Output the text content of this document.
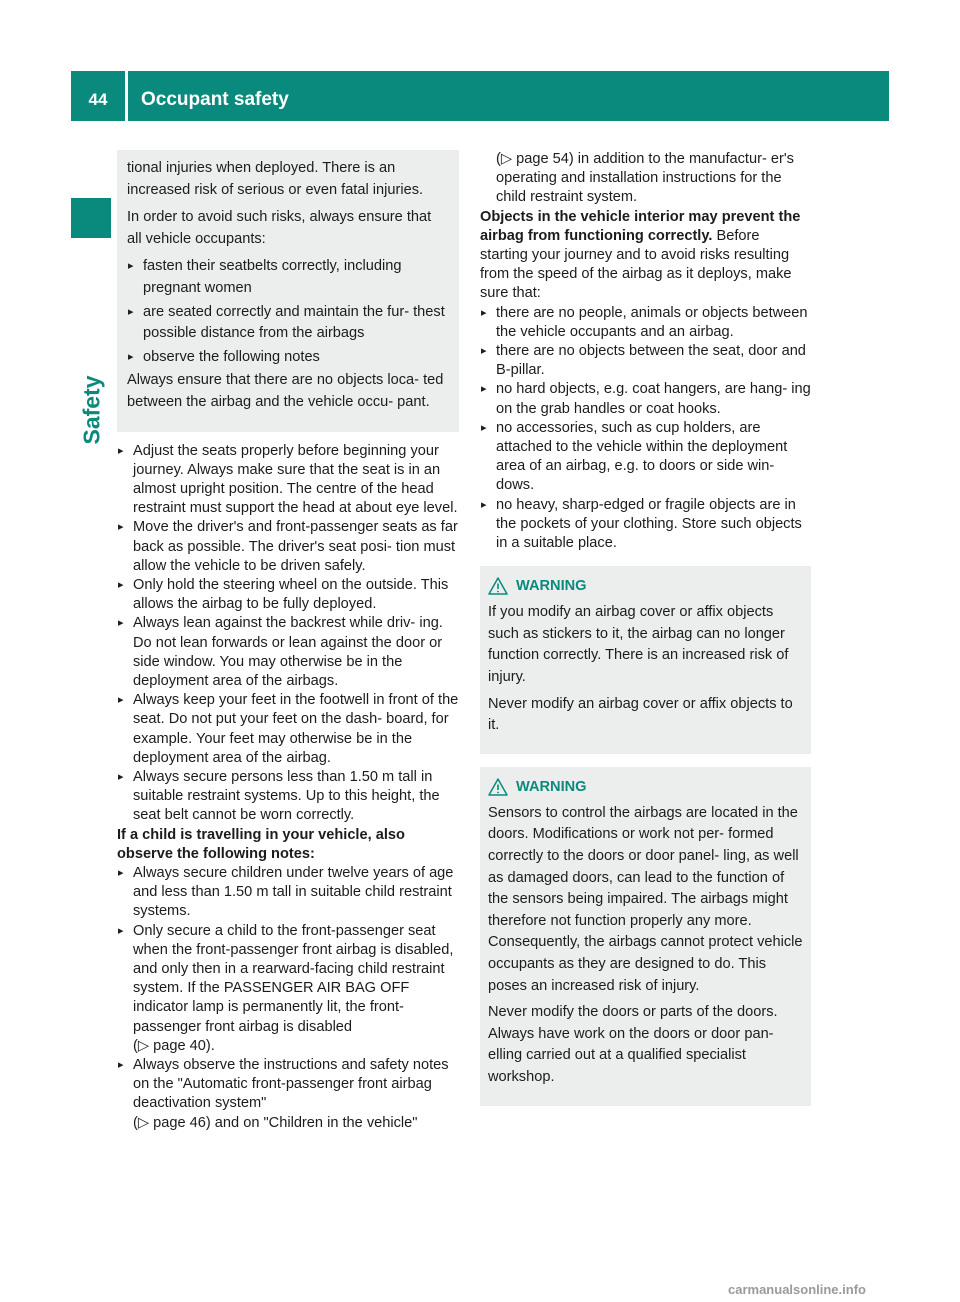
44	Occupant safety
Safety

tional injuries when deployed. There is an increased risk of serious or even fatal injuries.

In order to avoid such risks, always ensure that all vehicle occupants:

▸ fasten their seatbelts correctly, including pregnant women
▸ are seated correctly and maintain the fur- thest possible distance from the airbags
▸ observe the following notes

Always ensure that there are no objects loca- ted between the airbag and the vehicle occu- pant.

▸ Adjust the seats properly before beginning your journey. Always make sure that the seat is in an almost upright position. The centre of the head restraint must support the head at about eye level.
▸ Move the driver's and front-passenger seats as far back as possible. The driver's seat posi- tion must allow the vehicle to be driven safely.
▸ Only hold the steering wheel on the outside. This allows the airbag to be fully deployed.
▸ Always lean against the backrest while driv- ing. Do not lean forwards or lean against the door or side window. You may otherwise be in the deployment area of the airbags.
▸ Always keep your feet in the footwell in front of the seat. Do not put your feet on the dash- board, for example. Your feet may otherwise be in the deployment area of the airbag.
▸ Always secure persons less than 1.50 m tall in suitable restraint systems. Up to this height, the seat belt cannot be worn correctly.

If a child is travelling in your vehicle, also observe the following notes:

▸ Always secure children under twelve years of age and less than 1.50 m tall in suitable child restraint systems.
▸ Only secure a child to the front-passenger seat when the front-passenger front airbag is disabled, and only then in a rearward-facing child restraint system. If the PASSENGER AIR BAG OFF indicator lamp is permanently lit, the front-passenger front airbag is disabled
(▷ page 40).
▸ Always observe the instructions and safety notes on the "Automatic front-passenger front airbag deactivation system"
(▷ page 46) and on "Children in the vehicle"

(▷ page 54) in addition to the manufactur- er's operating and installation instructions for the child restraint system.

Objects in the vehicle interior may prevent the airbag from functioning correctly. Before starting your journey and to avoid risks resulting from the speed of the airbag as it deploys, make sure that:

▸ there are no people, animals or objects between the vehicle occupants and an airbag.
▸ there are no objects between the seat, door and B-pillar.
▸ no hard objects, e.g. coat hangers, are hang- ing on the grab handles or coat hooks.
▸ no accessories, such as cup holders, are attached to the vehicle within the deployment area of an airbag, e.g. to doors or side win- dows.
▸ no heavy, sharp-edged or fragile objects are in the pockets of your clothing. Store such objects in a suitable place.
WARNING

If you modify an airbag cover or affix objects such as stickers to it, the airbag can no longer function correctly. There is an increased risk of injury.

Never modify an airbag cover or affix objects to it.

WARNING

Sensors to control the airbags are located in the doors. Modifications or work not per- formed correctly to the doors or door panel- ling, as well as damaged doors, can lead to the function of the sensors being impaired. The airbags might therefore not function properly any more. Consequently, the airbags cannot protect vehicle occupants as they are designed to do. This poses an increased risk of injury.

Never modify the doors or parts of the doors. Always have work on the doors or door pan- elling carried out at a qualified specialist workshop.

carmanualsonline.info
